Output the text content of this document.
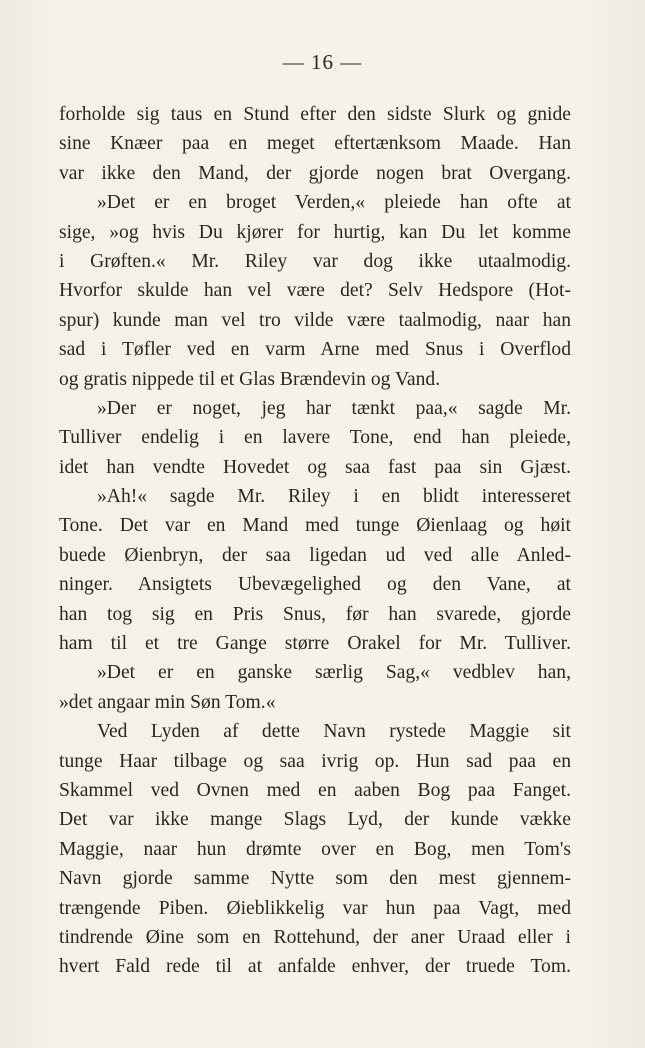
— 16 —
forholde sig taus en Stund efter den sidste Slurk og gnide
sine Knæer paa en meget eftertænksom Maade. Han
var ikke den Mand, der gjorde nogen brat Overgang.
»Det er en broget Verden,« pleiede han ofte at
sige, »og hvis Du kjører for hurtig, kan Du let komme
i Grøften.« Mr. Riley var dog ikke utaalmodig.
Hvorfor skulde han vel være det? Selv Hedspore (Hot-
spur) kunde man vel tro vilde være taalmodig, naar han
sad i Tøfler ved en varm Arne med Snus i Overflod
og gratis nippede til et Glas Brændevin og Vand.
»Der er noget, jeg har tænkt paa,« sagde Mr.
Tulliver endelig i en lavere Tone, end han pleiede,
idet han vendte Hovedet og saa fast paa sin Gjæst.
»Ah!« sagde Mr. Riley i en blidt interesseret
Tone. Det var en Mand med tunge Øienlaag og høit
buede Øienbryn, der saa ligedan ud ved alle Anled-
ninger. Ansigtets Ubevægelighed og den Vane, at
han tog sig en Pris Snus, før han svarede, gjorde
ham til et tre Gange større Orakel for Mr. Tulliver.
»Det er en ganske særlig Sag,« vedblev han,
»det angaar min Søn Tom.«
Ved Lyden af dette Navn rystede Maggie sit
tunge Haar tilbage og saa ivrig op. Hun sad paa en
Skammel ved Ovnen med en aaben Bog paa Fanget.
Det var ikke mange Slags Lyd, der kunde vække
Maggie, naar hun drømte over en Bog, men Tom's
Navn gjorde samme Nytte som den mest gjennem-
trængende Piben. Øieblikkelig var hun paa Vagt, med
tindrende Øine som en Rottehund, der aner Uraad eller i
hvert Fald rede til at anfalde enhver, der truede Tom.
